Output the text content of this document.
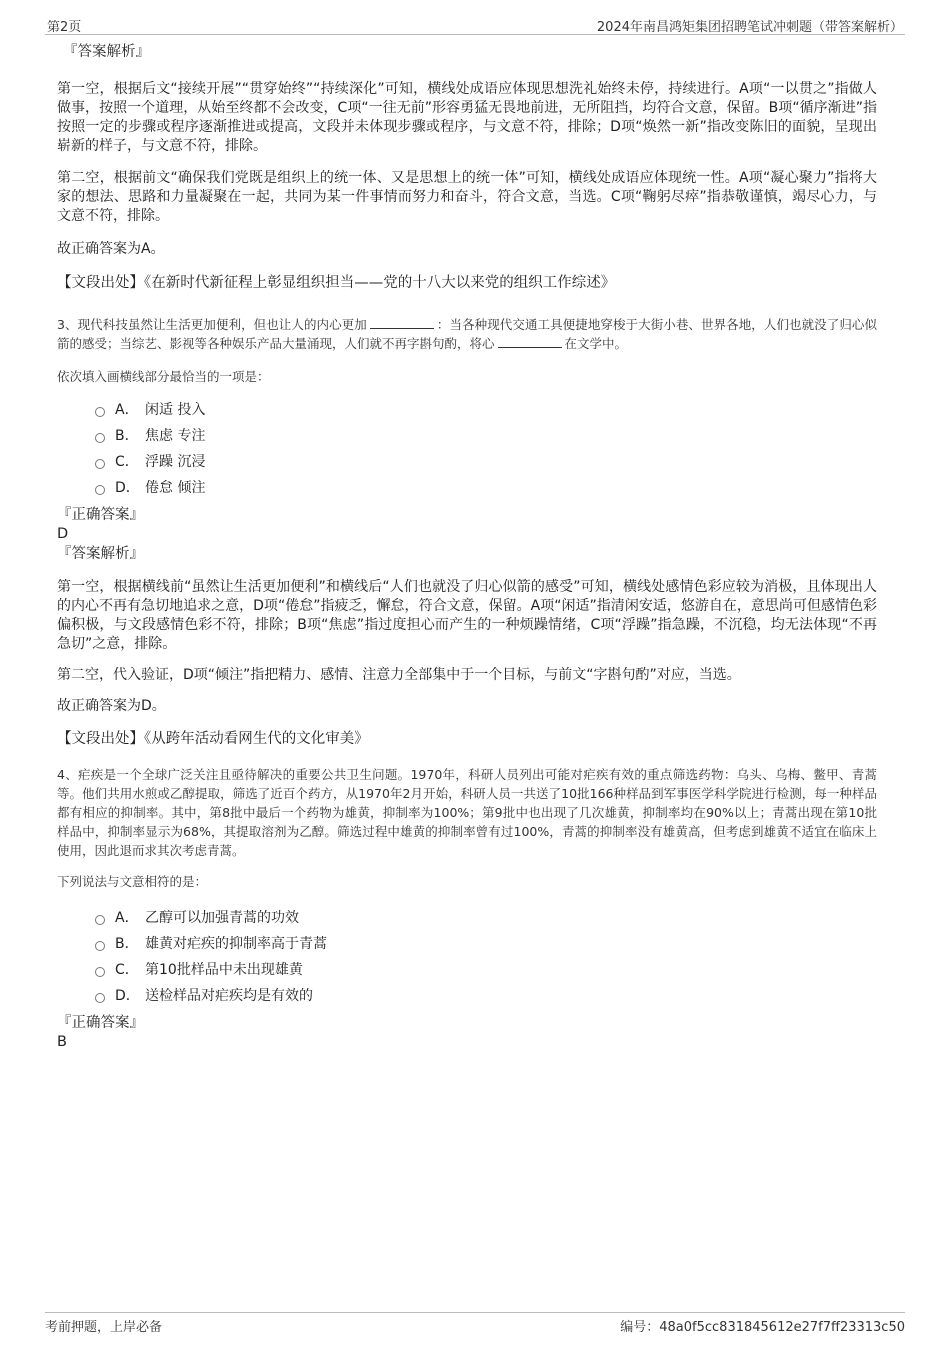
第2页	2024年南昌鸿矩集团招聘笔试冲刺题（带答案解析）
『答案解析』

第一空，根据后文“接续开展”“贯穿始终”“持续深化”可知，横线处成语应体现思想洗礼始终未停，持续进行。A项“一以贯之”指做人做事，按照一个道理，从始至终都不会改变，C项“一往无前”形容勇猛无畏地前进，无所阻挡，均符合文意，保留。B项“循序渐进”指按照一定的步骤或程序逐渐推进或提高，文段并未体现步骤或程序，与文意不符，排除；D项“焕然一新”指改变陈旧的面貌，呈现出崭新的样子，与文意不符，排除。

第二空，根据前文“确保我们党既是组织上的统一体、又是思想上的统一体”可知，横线处成语应体现统一性。A项“凝心聚力”指将大家的想法、思路和力量凝聚在一起，共同为某一件事情而努力和奋斗，符合文意，当选。C项“鞠躬尽瘁”指恭敬谨慎，竭尽心力，与文意不符，排除。

故正确答案为A。

【文段出处】《在新时代新征程上彰显组织担当——党的十八大以来党的组织工作综述》

3、现代科技虽然让生活更加便利，但也让人的内心更加	：当各种现代交通工具便捷地穿梭于大街小巷、世界各地，人们也就没了归心似箭的感受；当综艺、影视等各种娱乐产品大量涌现，人们就不再字斟句酌，将心	在文学中。

依次填入画横线部分最恰当的一项是：

A． 闲适 投入
B． 焦虑 专注
C． 浮躁 沉浸
D． 倦怠 倾注
『正确答案』
D
『答案解析』

第一空，根据横线前“虽然让生活更加便利”和横线后“人们也就没了归心似箭的感受”可知，横线处感情色彩应较为消极，且体现出人的内心不再有急切地追求之意，D项“倦怠”指疲乏，懈怠，符合文意，保留。A项“闲适”指清闲安适，悠游自在，意思尚可但感情色彩偏积极，与文段感情色彩不符，排除；B项“焦虑”指过度担心而产生的一种烦躁情绪，C项“浮躁”指急躁，不沉稳，均无法体现“不再急切”之意，排除。

第二空，代入验证，D项“倾注”指把精力、感情、注意力全部集中于一个目标，与前文“字斟句酌”对应，当选。

故正确答案为D。

【文段出处】《从跨年活动看网生代的文化审美》

4、疟疾是一个全球广泛关注且亟待解决的重要公共卫生问题。1970年，科研人员列出可能对疟疾有效的重点筛选药物：乌头、乌梅、鳖甲、青蒿等。他们共用水煎或乙醇提取，筛选了近百个药方，从1970年2月开始，科研人员一共送了10批166种样品到军事医学科学院进行检测，每一种样品都有相应的抑制率。其中，第8批中最后一个药物为雄黄，抑制率为100%；第9批中也出现了几次雄黄，抑制率均在90%以上；青蒿出现在第10批样品中，抑制率显示为68%，其提取溶剂为乙醇。筛选过程中雄黄的抑制率曾有过100%，青蒿的抑制率没有雄黄高，但考虑到雄黄不适宜在临床上使用，因此退而求其次考虑青蒿。

下列说法与文意相符的是：

A． 乙醇可以加强青蒿的功效
B． 雄黄对疟疾的抑制率高于青蒿
C． 第10批样品中未出现雄黄
D． 送检样品对疟疾均是有效的
『正确答案』
B
考前押题，上岸必备	编号：48a0f5cc831845612e27f7ff23313c50
